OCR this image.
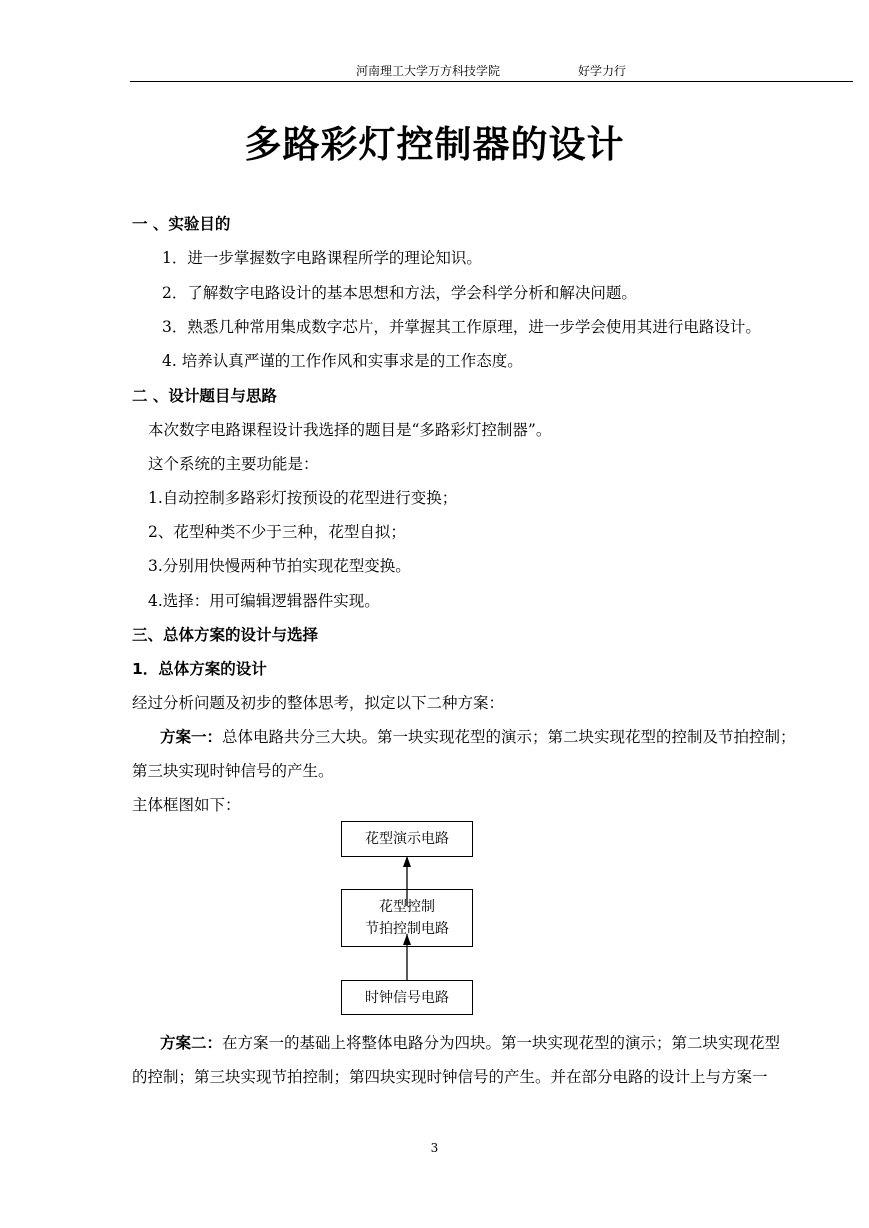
河南理工大学万方科技学院	好学力行
多路彩灯控制器的设计
一 、实验目的
1．进一步掌握数字电路课程所学的理论知识。
2．了解数字电路设计的基本思想和方法，学会科学分析和解决问题。
3．熟悉几种常用集成数字芯片，并掌握其工作原理，进一步学会使用其进行电路设计。
4. 培养认真严谨的工作作风和实事求是的工作态度。
二 、设计题目与思路
本次数字电路课程设计我选择的题目是“多路彩灯控制器”。
这个系统的主要功能是：
1.自动控制多路彩灯按预设的花型进行变换；
2、花型种类不少于三种，花型自拟；
3.分别用快慢两种节拍实现花型变换。
4.选择：用可编辑逻辑器件实现。
三、总体方案的设计与选择
1．总体方案的设计
经过分析问题及初步的整体思考，拟定以下二种方案：
方案一：总体电路共分三大块。第一块实现花型的演示；第二块实现花型的控制及节拍控制；
第三块实现时钟信号的产生。
主体框图如下：
花型演示电路
花型控制
节拍控制电路
时钟信号电路
方案二：在方案一的基础上将整体电路分为四块。第一块实现花型的演示；第二块实现花型
的控制；第三块实现节拍控制；第四块实现时钟信号的产生。并在部分电路的设计上与方案一
3
